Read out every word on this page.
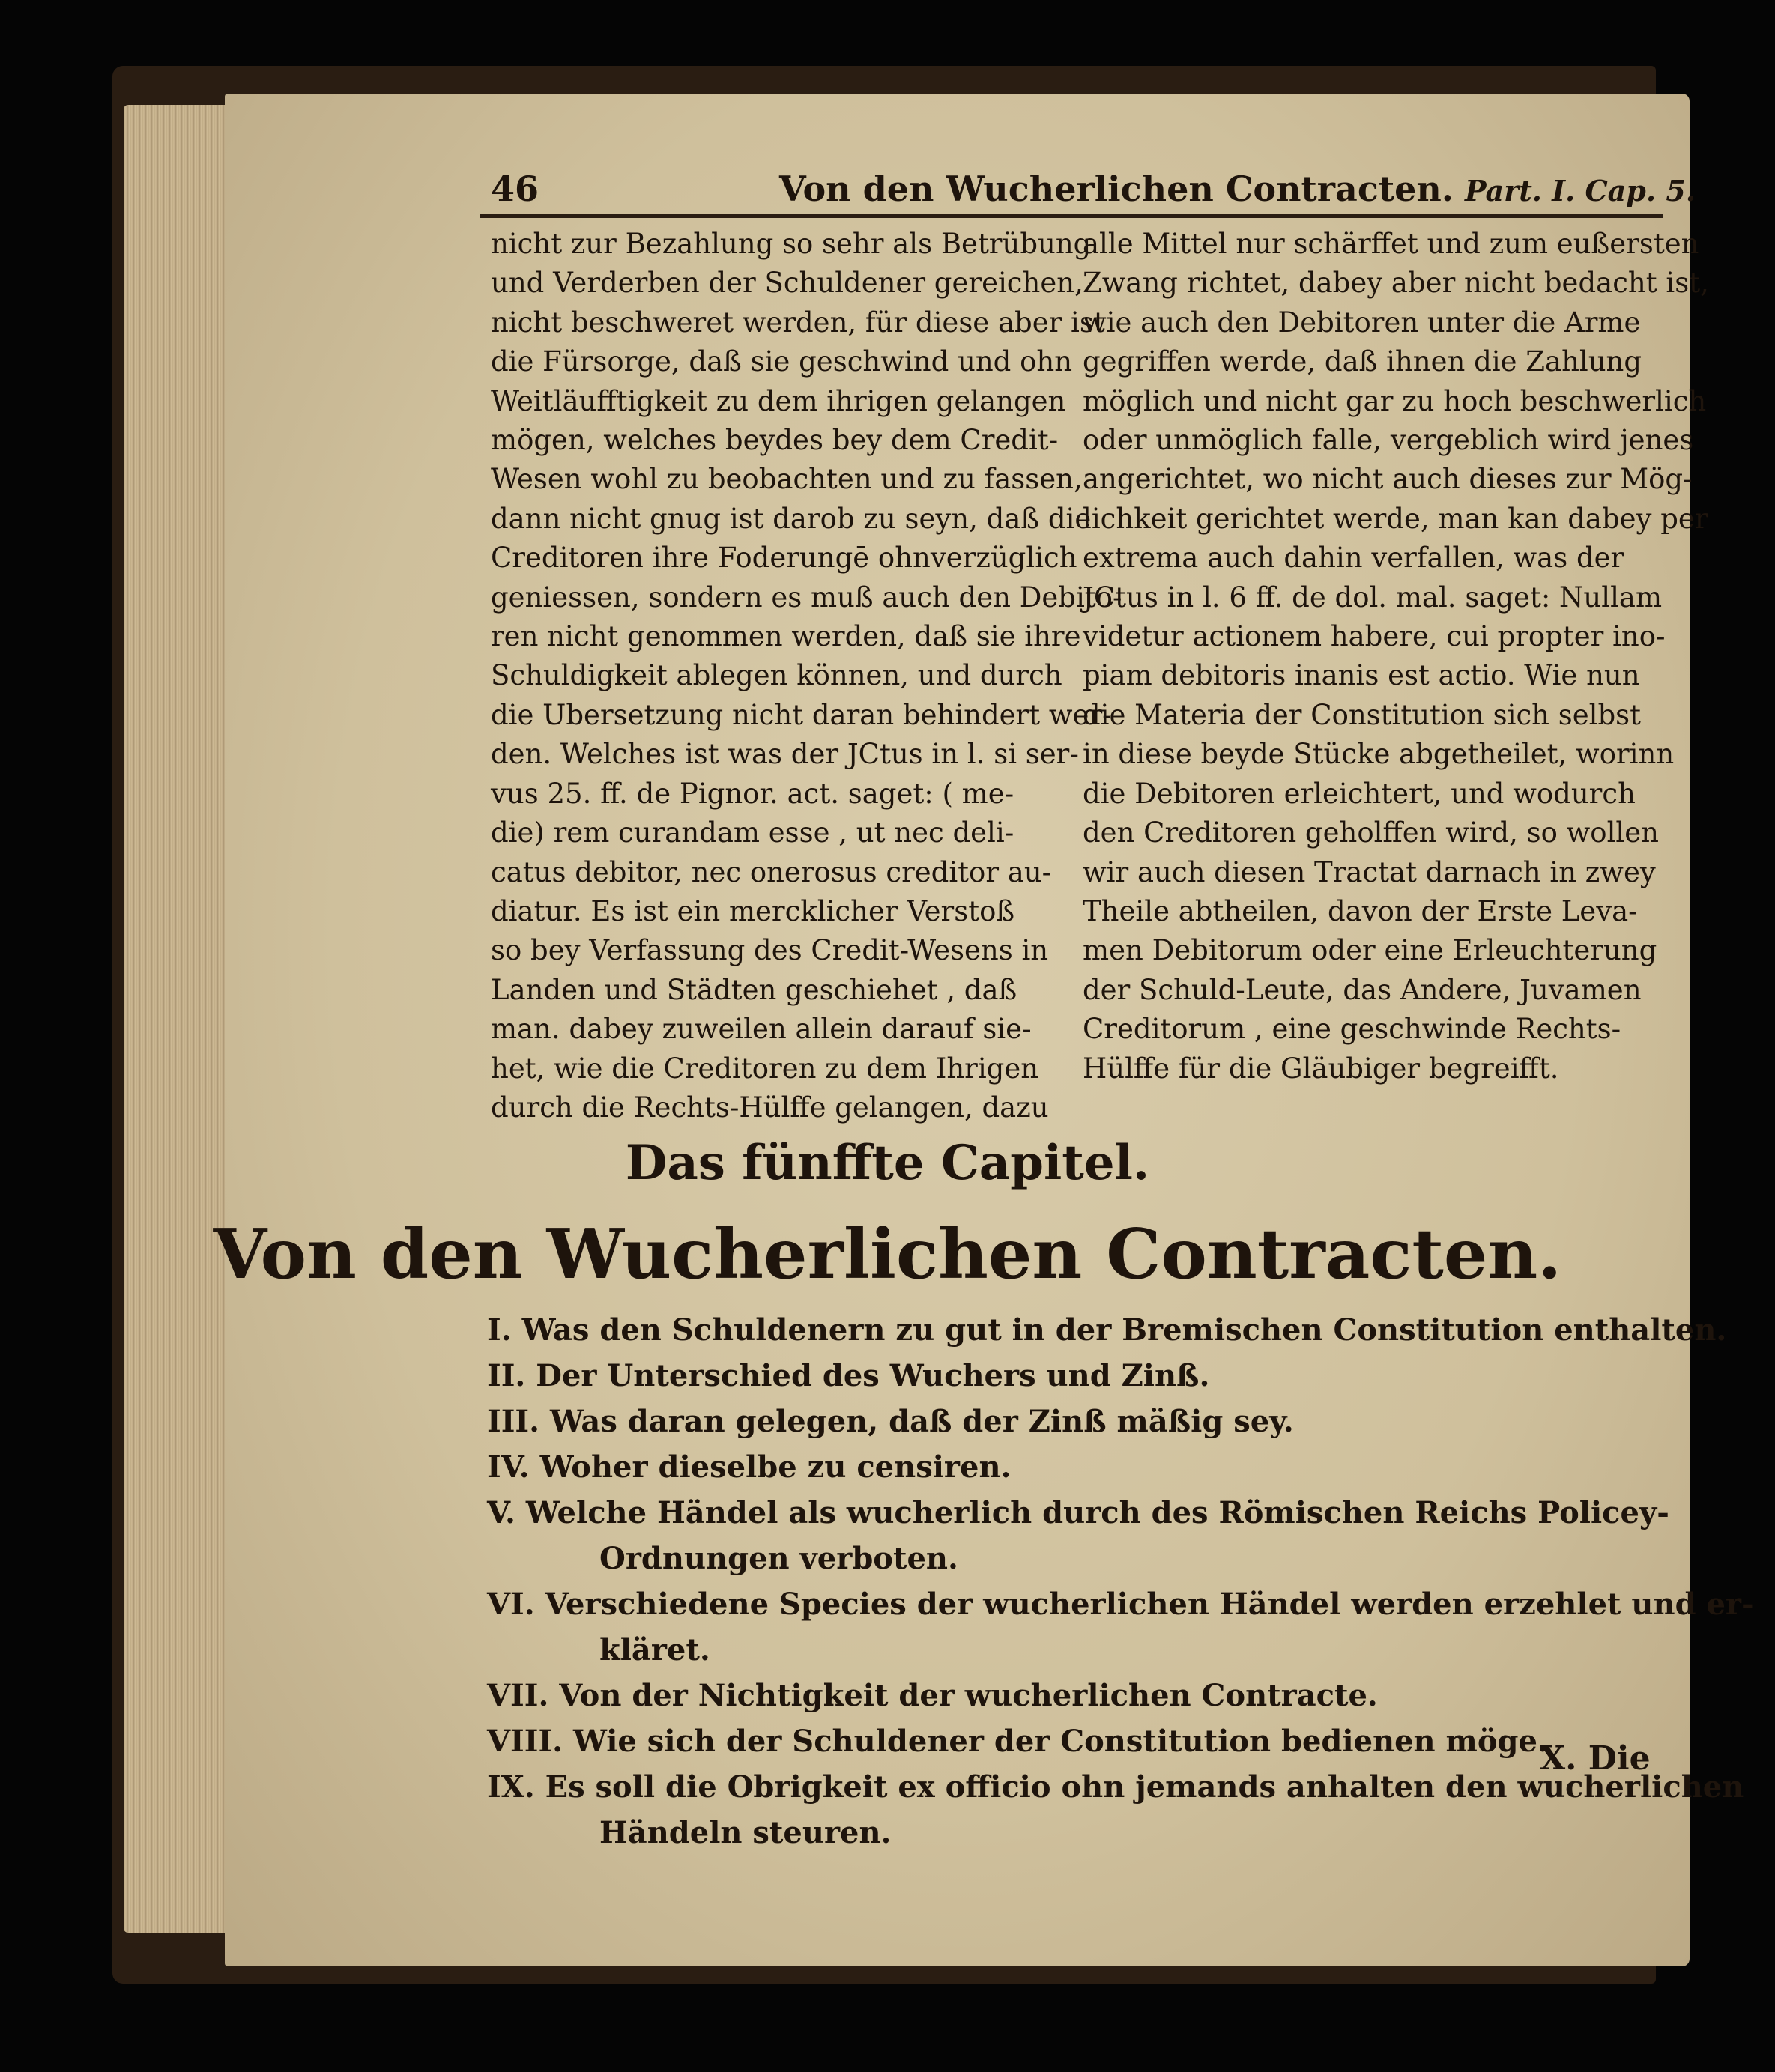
46	Von den Wucherlichen Contracten. Part. I. Cap. 5.
nicht zur Bezahlung so sehr als Betrübung
und Verderben der Schuldener gereichen,
nicht beschweret werden, für diese aber ist
die Fürsorge, daß sie geschwind und ohn
Weitläufftigkeit zu dem ihrigen gelangen
mögen, welches beydes bey dem Credit-
Wesen wohl zu beobachten und zu fassen,
dann nicht gnug ist darob zu seyn, daß die
Creditoren ihre Foderungē ohnverzüglich
geniessen, sondern es muß auch den Debito-
ren nicht genommen werden, daß sie ihre
Schuldigkeit ablegen können, und durch
die Ubersetzung nicht daran behindert wer-
den. Welches ist was der JCtus in l. si ser-
vus 25. ff. de Pignor. act. saget: ( me-
die) rem curandam esse , ut nec deli-
catus debitor, nec onerosus creditor au-
diatur. Es ist ein mercklicher Verstoß
so bey Verfassung des Credit-Wesens in
Landen und Städten geschiehet , daß
man. dabey zuweilen allein darauf sie-
het, wie die Creditoren zu dem Ihrigen
durch die Rechts-Hülffe gelangen, dazu
alle Mittel nur schärffet und zum eußersten
Zwang richtet, dabey aber nicht bedacht ist,
wie auch den Debitoren unter die Arme
gegriffen werde, daß ihnen die Zahlung
möglich und nicht gar zu hoch beschwerlich
oder unmöglich falle, vergeblich wird jenes
angerichtet, wo nicht auch dieses zur Mög-
lichkeit gerichtet werde, man kan dabey per
extrema auch dahin verfallen, was der
JCtus in l. 6 ff. de dol. mal. saget: Nullam
videtur actionem habere, cui propter ino-
piam debitoris inanis est actio. Wie nun
die Materia der Constitution sich selbst
in diese beyde Stücke abgetheilet, worinn
die Debitoren erleichtert, und wodurch
den Creditoren geholffen wird, so wollen
wir auch diesen Tractat darnach in zwey
Theile abtheilen, davon der Erste Leva-
men Debitorum oder eine Erleuchterung
der Schuld-Leute, das Andere, Juvamen
Creditorum , eine geschwinde Rechts-
Hülffe für die Gläubiger begreifft.
Das fünffte Capitel.
Von den Wucherlichen Contracten.
I. Was den Schuldenern zu gut in der Bremischen Constitution enthalten.
II. Der Unterschied des Wuchers und Zinß.
III. Was daran gelegen, daß der Zinß mäßig sey.
IV. Woher dieselbe zu censiren.
V. Welche Händel als wucherlich durch des Römischen Reichs Policey-
Ordnungen verboten.
VI. Verschiedene Species der wucherlichen Händel werden erzehlet und er-
kläret.
VII. Von der Nichtigkeit der wucherlichen Contracte.
VIII. Wie sich der Schuldener der Constitution bedienen möge.
IX. Es soll die Obrigkeit ex officio ohn jemands anhalten den wucherlichen
Händeln steuren.
X. Die
